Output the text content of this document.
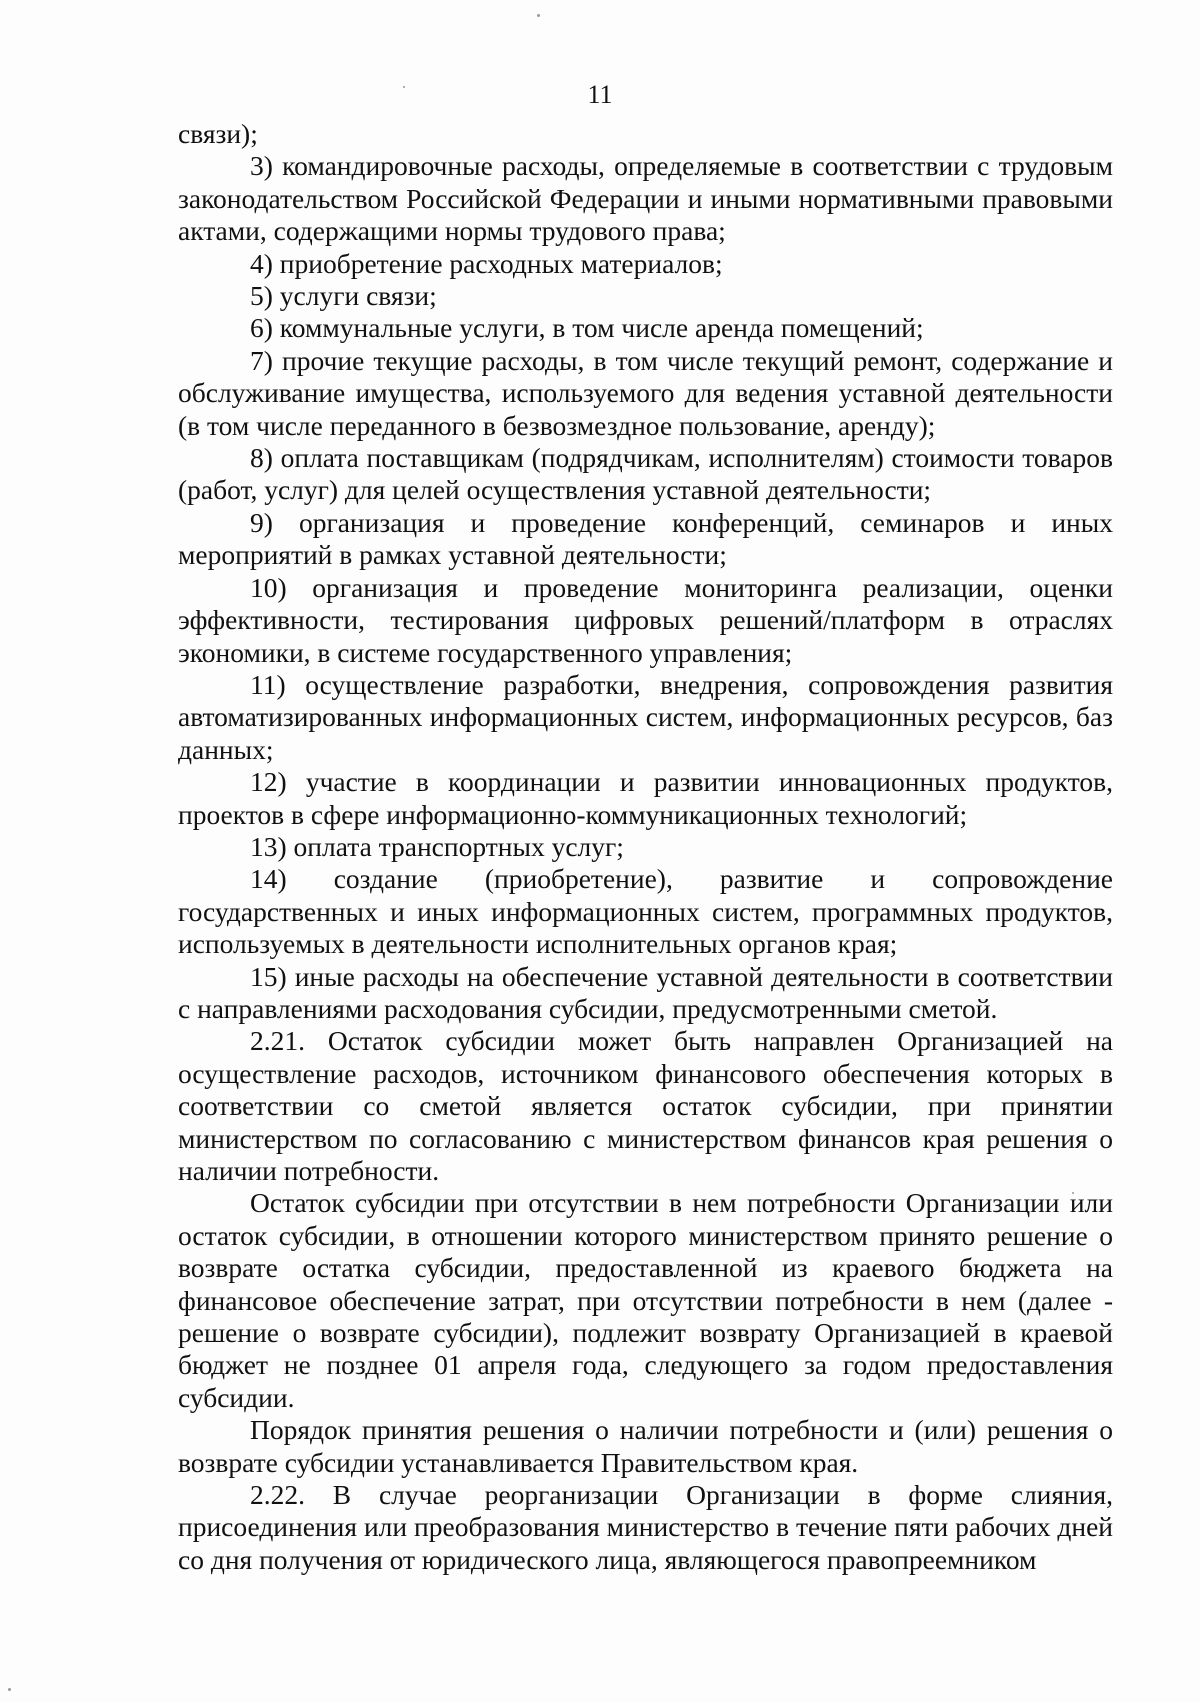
11

связи);

3) командировочные расходы, определяемые в соответствии с трудовым законодательством Российской Федерации и иными нормативными правовыми актами, содержащими нормы трудового права;

4) приобретение расходных материалов;

5) услуги связи;

6) коммунальные услуги, в том числе аренда помещений;

7) прочие текущие расходы, в том числе текущий ремонт, содержание и обслуживание имущества, используемого для ведения уставной деятельности (в том числе переданного в безвозмездное пользование, аренду);

8) оплата поставщикам (подрядчикам, исполнителям) стоимости товаров (работ, услуг) для целей осуществления уставной деятельности;

9) организация и проведение конференций, семинаров и иных мероприятий в рамках уставной деятельности;

10) организация и проведение мониторинга реализации, оценки эффективности, тестирования цифровых решений/платформ в отраслях экономики, в системе государственного управления;

11) осуществление разработки, внедрения, сопровождения развития автоматизированных информационных систем, информационных ресурсов, баз данных;

12) участие в координации и развитии инновационных продуктов, проектов в сфере информационно-коммуникационных технологий;

13) оплата транспортных услуг;

14) создание (приобретение), развитие и сопровождение государственных и иных информационных систем, программных продуктов, используемых в деятельности исполнительных органов края;

15) иные расходы на обеспечение уставной деятельности в соответствии с направлениями расходования субсидии, предусмотренными сметой.

2.21. Остаток субсидии может быть направлен Организацией на осуществление расходов, источником финансового обеспечения которых в соответствии со сметой является остаток субсидии, при принятии министерством по согласованию с министерством финансов края решения о наличии потребности.

Остаток субсидии при отсутствии в нем потребности Организации или остаток субсидии, в отношении которого министерством принято решение о возврате остатка субсидии, предоставленной из краевого бюджета на финансовое обеспечение затрат, при отсутствии потребности в нем (далее - решение о возврате субсидии), подлежит возврату Организацией в краевой бюджет не позднее 01 апреля года, следующего за годом предоставления субсидии.

Порядок принятия решения о наличии потребности и (или) решения о возврате субсидии устанавливается Правительством края.

2.22. В случае реорганизации Организации в форме слияния, присоединения или преобразования министерство в течение пяти рабочих дней со дня получения от юридического лица, являющегося правопреемником
